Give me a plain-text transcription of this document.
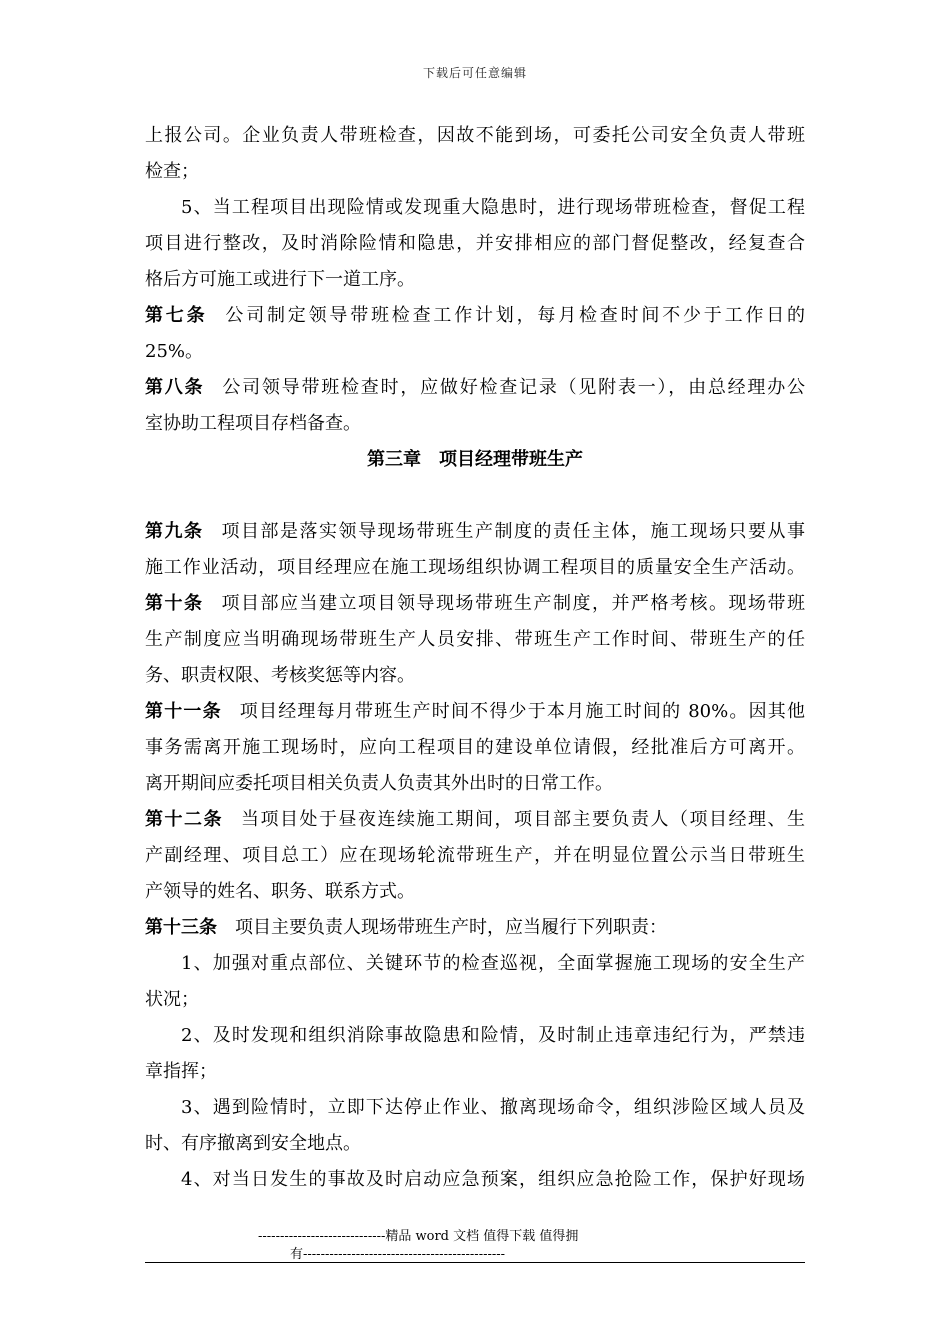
下载后可任意编辑
上报公司。企业负责人带班检查，因故不能到场，可委托公司安全负责人带班
检查；
5、当工程项目出现险情或发现重大隐患时，进行现场带班检查，督促工程
项目进行整改，及时消除险情和隐患，并安排相应的部门督促整改，经复查合
格后方可施工或进行下一道工序。
第七条 公司制定领导带班检查工作计划，每月检查时间不少于工作日的
25%。
第八条 公司领导带班检查时，应做好检查记录（见附表一），由总经理办公
室协助工程项目存档备查。
第三章 项目经理带班生产
第九条 项目部是落实领导现场带班生产制度的责任主体，施工现场只要从事
施工作业活动，项目经理应在施工现场组织协调工程项目的质量安全生产活动。
第十条 项目部应当建立项目领导现场带班生产制度，并严格考核。现场带班
生产制度应当明确现场带班生产人员安排、带班生产工作时间、带班生产的任
务、职责权限、考核奖惩等内容。
第十一条 项目经理每月带班生产时间不得少于本月施工时间的 80%。因其他
事务需离开施工现场时，应向工程项目的建设单位请假，经批准后方可离开。
离开期间应委托项目相关负责人负责其外出时的日常工作。
第十二条 当项目处于昼夜连续施工期间，项目部主要负责人（项目经理、生
产副经理、项目总工）应在现场轮流带班生产，并在明显位置公示当日带班生
产领导的姓名、职务、联系方式。
第十三条 项目主要负责人现场带班生产时，应当履行下列职责：
1、加强对重点部位、关键环节的检查巡视，全面掌握施工现场的安全生产
状况；
2、及时发现和组织消除事故隐患和险情，及时制止违章违纪行为，严禁违
章指挥；
3、遇到险情时，立即下达停止作业、撤离现场命令，组织涉险区域人员及
时、有序撤离到安全地点。
4、对当日发生的事故及时启动应急预案，组织应急抢险工作，保护好现场
-----------------------------精品 word 文档 值得下载 值得拥
有----------------------------------------------
